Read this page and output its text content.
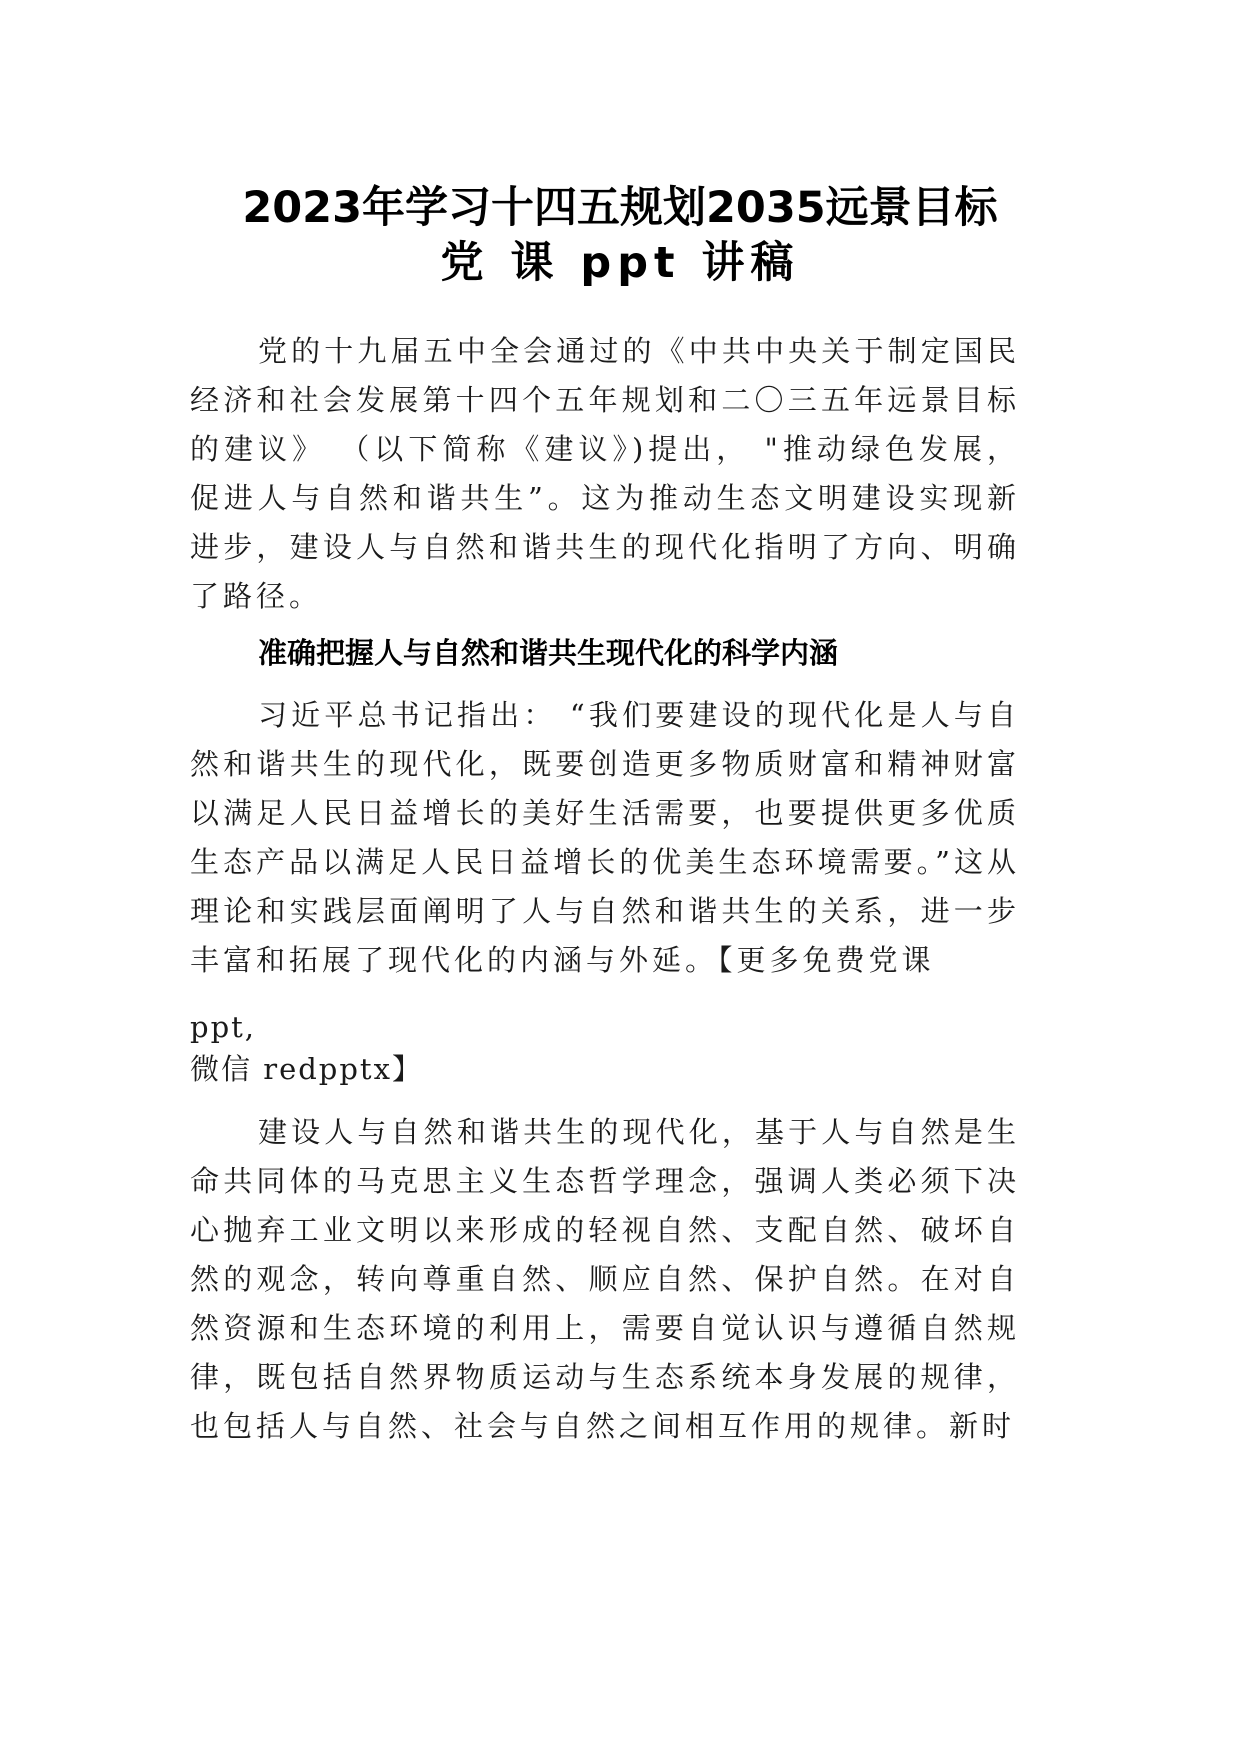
2023年学习十四五规划2035远景目标
党 课 ppt 讲稿

党的十九届五中全会通过的《中共中央关于制定国民经济和社会发展第十四个五年规划和二〇三五年远景目标的建议》 （以下简称《建议》)提出， "推动绿色发展，促进人与自然和谐共生”。这为推动生态文明建设实现新进步，建设人与自然和谐共生的现代化指明了方向、明确了路径。

准确把握人与自然和谐共生现代化的科学内涵

习近平总书记指出： “我们要建设的现代化是人与自然和谐共生的现代化，既要创造更多物质财富和精神财富以满足人民日益增长的美好生活需要，也要提供更多优质生态产品以满足人民日益增长的优美生态环境需要。”这从理论和实践层面阐明了人与自然和谐共生的关系，进一步丰富和拓展了现代化的内涵与外延。【更多免费党课

ppt,

微信 redpptx】

建设人与自然和谐共生的现代化，基于人与自然是生命共同体的马克思主义生态哲学理念，强调人类必须下决心抛弃工业文明以来形成的轻视自然、支配自然、破坏自然的观念，转向尊重自然、顺应自然、保护自然。在对自然资源和生态环境的利用上，需要自觉认识与遵循自然规律，既包括自然界物质运动与生态系统本身发展的规律，也包括人与自然、社会与自然之间相互作用的规律。新时
